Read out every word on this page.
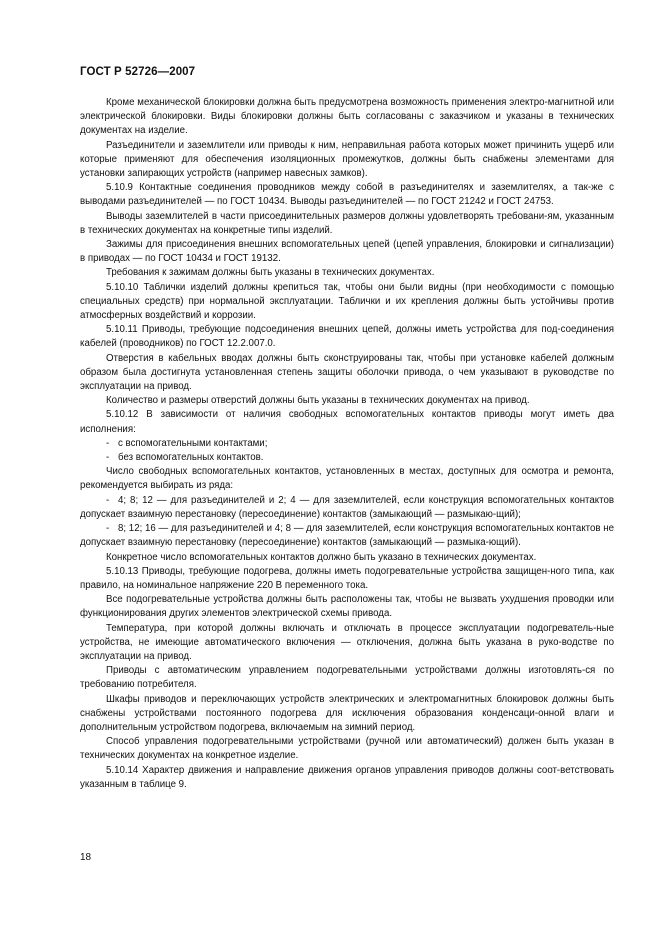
ГОСТ Р 52726—2007

Кроме механической блокировки должна быть предусмотрена возможность применения электро-магнитной или электрической блокировки. Виды блокировки должны быть согласованы с заказчиком и указаны в технических документах на изделие.

Разъединители и заземлители или приводы к ним, неправильная работа которых может причинить ущерб или которые применяют для обеспечения изоляционных промежутков, должны быть снабжены элементами для установки запирающих устройств (например навесных замков).

5.10.9 Контактные соединения проводников между собой в разъединителях и заземлителях, а так-же с выводами разъединителей — по ГОСТ 10434. Выводы разъединителей — по ГОСТ 21242 и ГОСТ 24753.

Выводы заземлителей в части присоединительных размеров должны удовлетворять требовани-ям, указанным в технических документах на конкретные типы изделий.

Зажимы для присоединения внешних вспомогательных цепей (цепей управления, блокировки и сигнализации) в приводах — по ГОСТ 10434 и ГОСТ 19132.

Требования к зажимам должны быть указаны в технических документах.

5.10.10 Таблички изделий должны крепиться так, чтобы они были видны (при необходимости с помощью специальных средств) при нормальной эксплуатации. Таблички и их крепления должны быть устойчивы против атмосферных воздействий и коррозии.

5.10.11 Приводы, требующие подсоединения внешних цепей, должны иметь устройства для под-соединения кабелей (проводников) по ГОСТ 12.2.007.0.

Отверстия в кабельных вводах должны быть сконструированы так, чтобы при установке кабелей должным образом была достигнута установленная степень защиты оболочки привода, о чем указывают в руководстве по эксплуатации на привод.

Количество и размеры отверстий должны быть указаны в технических документах на привод.

5.10.12 В зависимости от наличия свободных вспомогательных контактов приводы могут иметь два исполнения:

- с вспомогательными контактами;

- без вспомогательных контактов.

Число свободных вспомогательных контактов, установленных в местах, доступных для осмотра и ремонта, рекомендуется выбирать из ряда:

- 4; 8; 12 — для разъединителей и 2; 4 — для заземлителей, если конструкция вспомогательных контактов допускает взаимную перестановку (пересоединение) контактов (замыкающий — размыкаю-щий);

- 8; 12; 16 — для разъединителей и 4; 8 — для заземлителей, если конструкция вспомогательных контактов не допускает взаимную перестановку (пересоединение) контактов (замыкающий — размыка-ющий).

Конкретное число вспомогательных контактов должно быть указано в технических документах.

5.10.13 Приводы, требующие подогрева, должны иметь подогревательные устройства защищен-ного типа, как правило, на номинальное напряжение 220 В переменного тока.

Все подогревательные устройства должны быть расположены так, чтобы не вызвать ухудшения проводки или функционирования других элементов электрической схемы привода.

Температура, при которой должны включать и отключать в процессе эксплуатации подогреватель-ные устройства, не имеющие автоматического включения — отключения, должна быть указана в руко-водстве по эксплуатации на привод.

Приводы с автоматическим управлением подогревательными устройствами должны изготовлять-ся по требованию потребителя.

Шкафы приводов и переключающих устройств электрических и электромагнитных блокировок должны быть снабжены устройствами постоянного подогрева для исключения образования конденсаци-онной влаги и дополнительным устройством подогрева, включаемым на зимний период.

Способ управления подогревательными устройствами (ручной или автоматический) должен быть указан в технических документах на конкретное изделие.

5.10.14 Характер движения и направление движения органов управления приводов должны соот-ветствовать указанным в таблице 9.

18
